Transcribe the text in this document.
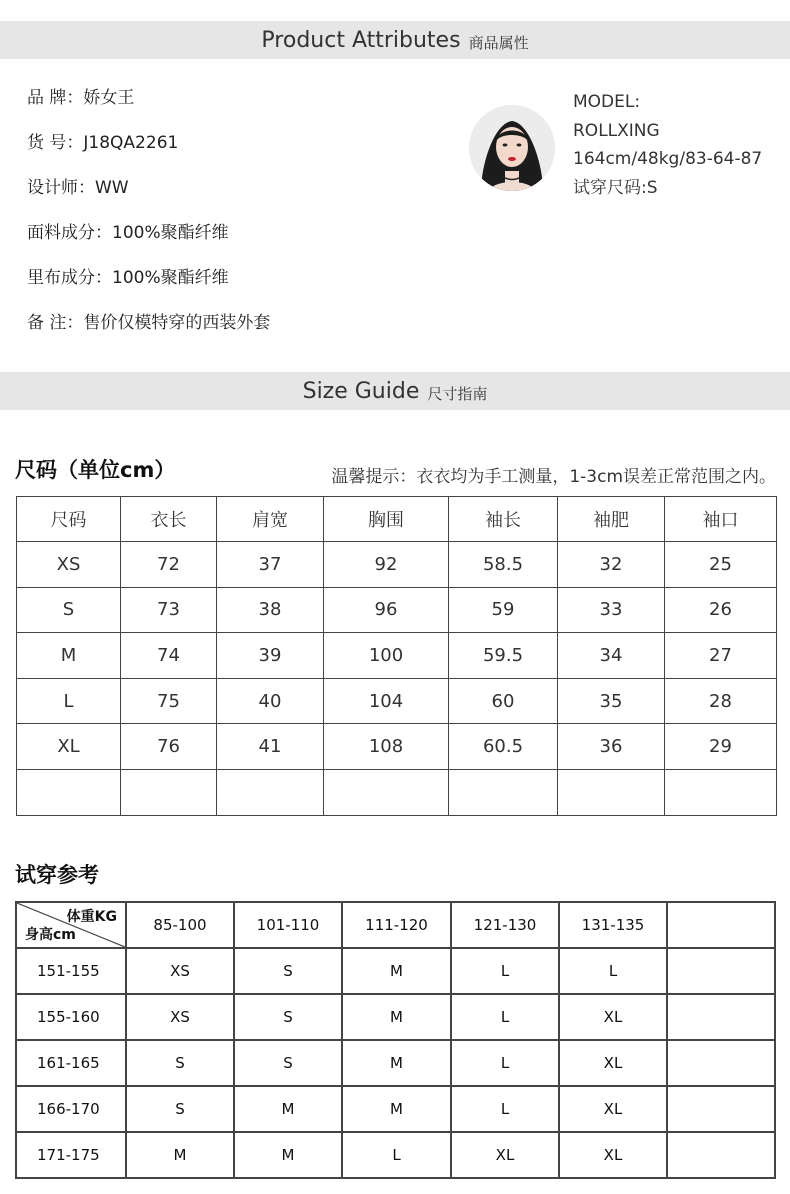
Product Attributes 商品属性
品 牌：娇女王
货 号：J18QA2261
设计师：WW
面料成分：100%聚酯纤维
里布成分：100%聚酯纤维
备 注：售价仅模特穿的西装外套
MODEL:
ROLLXING
164cm/48kg/83-64-87
试穿尺码:S
Size Guide 尺寸指南
尺码（单位cm）	温馨提示：衣衣均为手工测量，1-3cm误差正常范围之内。
尺码	衣长	肩宽	胸围	袖长	袖肥	袖口
XS	72	37	92	58.5	32	25
S	73	38	96	59	33	26
M	74	39	100	59.5	34	27
L	75	40	104	60	35	28
XL	76	41	108	60.5	36	29

试穿参考
体重KG
身高cm	85-100	101-110	111-120	121-130	131-135	
151-155	XS	S	M	L	L	
155-160	XS	S	M	L	XL	
161-165	S	S	M	L	XL	
166-170	S	M	M	L	XL	
171-175	M	M	L	XL	XL	
